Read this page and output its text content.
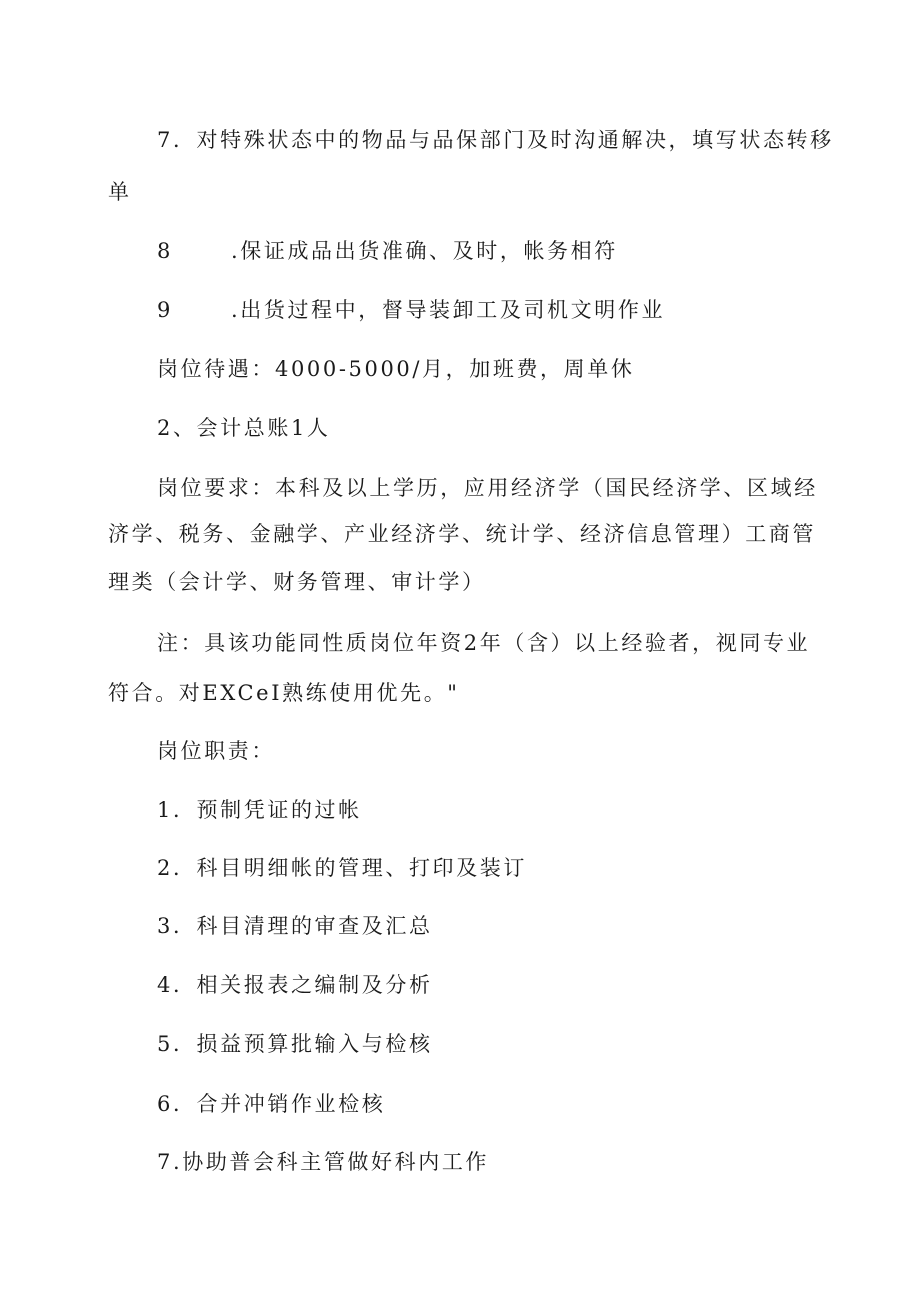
7．对特殊状态中的物品与品保部门及时沟通解决，填写状态转移
单
8	.保证成品出货准确、及时，帐务相符
9	.出货过程中，督导装卸工及司机文明作业
岗位待遇：4000-5000/月，加班费，周单休
2、会计总账1人
岗位要求：本科及以上学历，应用经济学（国民经济学、区域经
济学、税务、金融学、产业经济学、统计学、经济信息管理）工商管
理类（会计学、财务管理、审计学）
注：具该功能同性质岗位年资2年（含）以上经验者，视同专业
符合。对EXCeI熟练使用优先。"
岗位职责：
1．预制凭证的过帐
2．科目明细帐的管理、打印及装订
3．科目清理的审查及汇总
4．相关报表之编制及分析
5．损益预算批输入与检核
6．合并冲销作业检核
7.协助普会科主管做好科内工作
